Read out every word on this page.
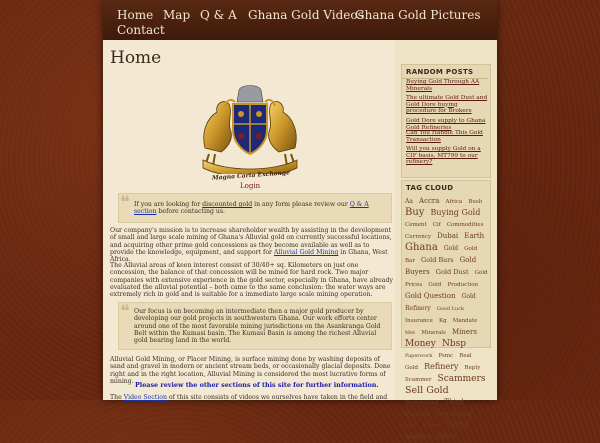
Home Map Q & A Ghana Gold Videos
Ghana Gold Pictures
Contact
Home
Magna Carta Exchange
Login
❝ If you are looking for discounted gold in any form please review our Q & A section before contacting us.

Our company's mission is to increase shareholder wealth by assisting in the development of small and large scale mining of Ghana's Alluvial gold on currently successful locations, and acquiring other prime gold concessions as they become available as well as to provide the knowledge, equipment, and support for Alluvial Gold Mining in Ghana, West Africa.

The Alluvial areas of keen interest consist of 30/40+ sq. Kilometers on just one concession, the balance of that concession will be mined for hard rock. Two major companies with extensive experience in the gold sector, especially in Ghana, have already evaluated the alluvial potential – both came to the same conclusion: the water ways are extremely rich in gold and is suitable for a immediate large scale mining operation.

❝ Our focus is on becoming an intermediate then a major gold producer by developing our gold projects in southwestern Ghana. Our work efforts center around one of the most favorable mining jurisdictions on the Asankranga Gold Belt within the Kumasi basin. The Kumasi Basin is among the richest Alluvial gold bearing land in the world.

Alluvial Gold Mining, or Placer Mining, is surface mining done by washing deposits of sand and gravel in modern or ancient stream beds, or occasionally glacial deposits. Done right and in the right location, Alluvial Mining is considered the most lucrative forms of mining. Please review the other sections of this site for further information.

The Video Section of this site consists of videos we ourselves have taken in the field and

RANDOM POSTS
Buying Gold Through AA Minerals
The ultimate Gold Dust and Gold Dore buying procedure for Brokers
Gold Dore supply to Ghana Gold Refineries
Can You Handle This Gold Transaction
Will you supply Gold on a CIF basis, MT799 to our refinery?
TAG CLOUD
Aa Accra Africa Bush Buy Buying Gold Cement Cif Commodities Currency Dubai Earth Ghana Gold Gold Bar Gold Bars Gold Buyers Gold Dust Gold Prices Gold Production Gold Question Gold Refinery Good Luck Insurance Kg Mandate Met Minerals Miners Money Nbsp Paperwork Psmc Real Gold Refinery Reply Scammer Scammers Sell Gold Switzerland Third Parties Top Dollar Visa Wheat World Market Price
